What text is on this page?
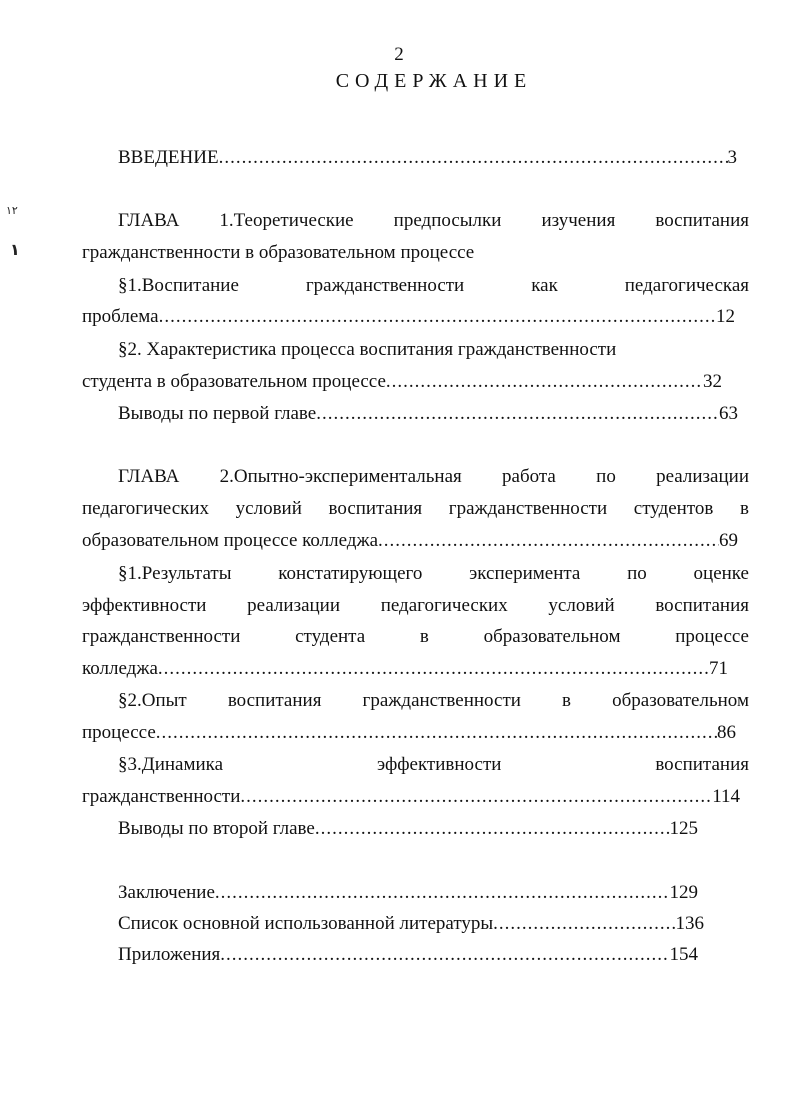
١٢
١
2
СОДЕРЖАНИЕ
ВВЕДЕНИЕ .....	3
ГЛАВА 1.Теоретические предпосылки изучения воспитания
гражданственности в образовательном процессе
§1.Воспитание	гражданственности	как	педагогическая
проблема .....	12
§2. Характеристика процесса воспитания гражданственности
студента в образовательном процессе .....	32
Выводы по первой главе .....	63
ГЛАВА 2.Опытно-экспериментальная работа по реализации
педагогических условий воспитания гражданственности студентов в
образовательном процессе колледжа .....	69
§1.Результаты констатирующего эксперимента по оценке
эффективности реализации педагогических условий воспитания
гражданственности	студента	в	образовательном	процессе
колледжа .....	71
§2.Опыт воспитания гражданственности в образовательном
процессе .....	86
§3.Динамика	эффективности	воспитания
гражданственности .....	114
Выводы по второй главе .....	125
Заключение .....	129
Список основной использованной литературы .....	136
Приложения .....	154
